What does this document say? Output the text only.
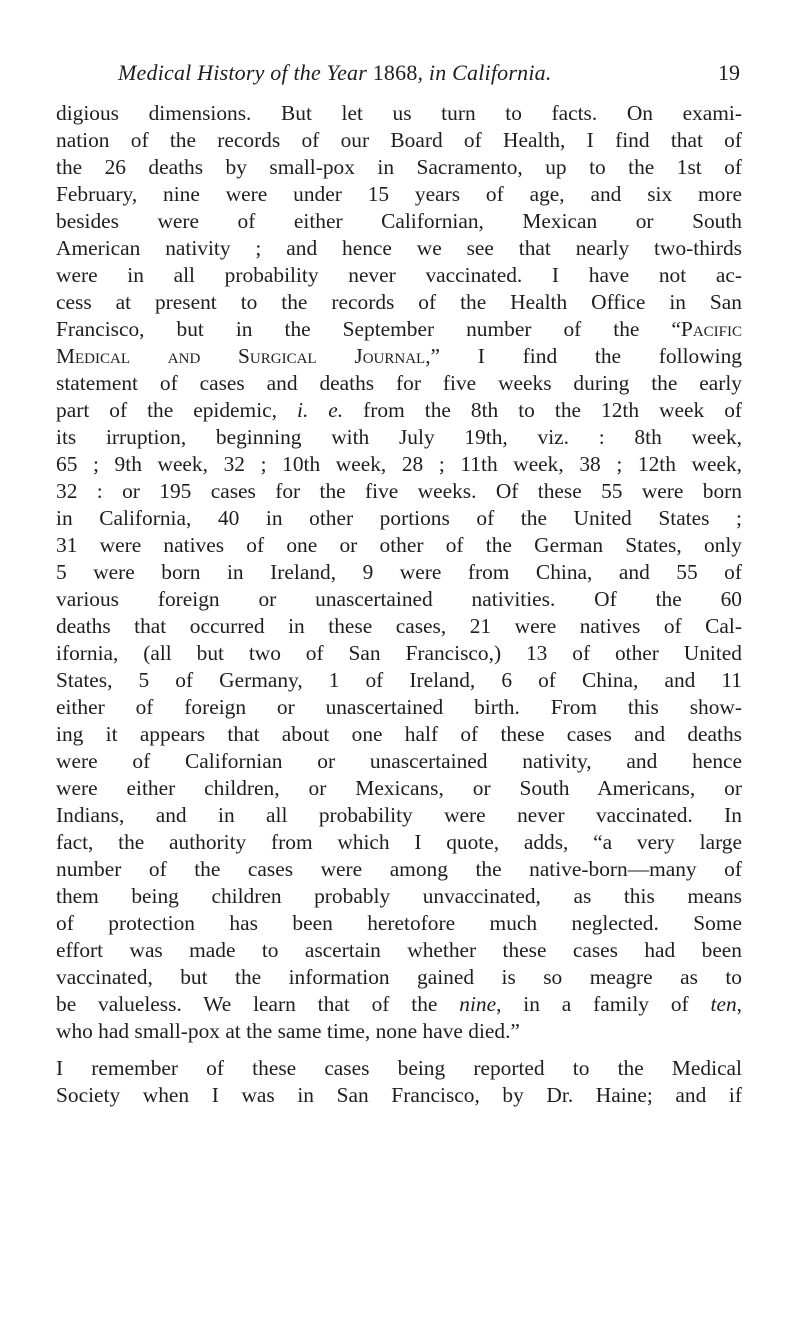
Medical History of the Year 1868, in California.	19
digious dimensions. But let us turn to facts. On exami-
nation of the records of our Board of Health, I find that of
the 26 deaths by small-pox in Sacramento, up to the 1st of
February, nine were under 15 years of age, and six more
besides were of either Californian, Mexican or South
American nativity ; and hence we see that nearly two-thirds
were in all probability never vaccinated. I have not ac-
cess at present to the records of the Health Office in San
Francisco, but in the September number of the “Pacific
Medical and Surgical Journal,” I find the following
statement of cases and deaths for five weeks during the early
part of the epidemic, i. e. from the 8th to the 12th week of
its irruption, beginning with July 19th, viz. : 8th week,
65 ; 9th week, 32 ; 10th week, 28 ; 11th week, 38 ; 12th week,
32 : or 195 cases for the five weeks. Of these 55 were born
in California, 40 in other portions of the United States ;
31 were natives of one or other of the German States, only
5 were born in Ireland, 9 were from China, and 55 of
various foreign or unascertained nativities. Of the 60
deaths that occurred in these cases, 21 were natives of Cal-
ifornia, (all but two of San Francisco,) 13 of other United
States, 5 of Germany, 1 of Ireland, 6 of China, and 11
either of foreign or unascertained birth. From this show-
ing it appears that about one half of these cases and deaths
were of Californian or unascertained nativity, and hence
were either children, or Mexicans, or South Americans, or
Indians, and in all probability were never vaccinated. In
fact, the authority from which I quote, adds, “a very large
number of the cases were among the native-born—many of
them being children probably unvaccinated, as this means
of protection has been heretofore much neglected. Some
effort was made to ascertain whether these cases had been
vaccinated, but the information gained is so meagre as to
be valueless. We learn that of the nine, in a family of ten,
who had small-pox at the same time, none have died.”
I remember of these cases being reported to the Medical
Society when I was in San Francisco, by Dr. Haine; and if
